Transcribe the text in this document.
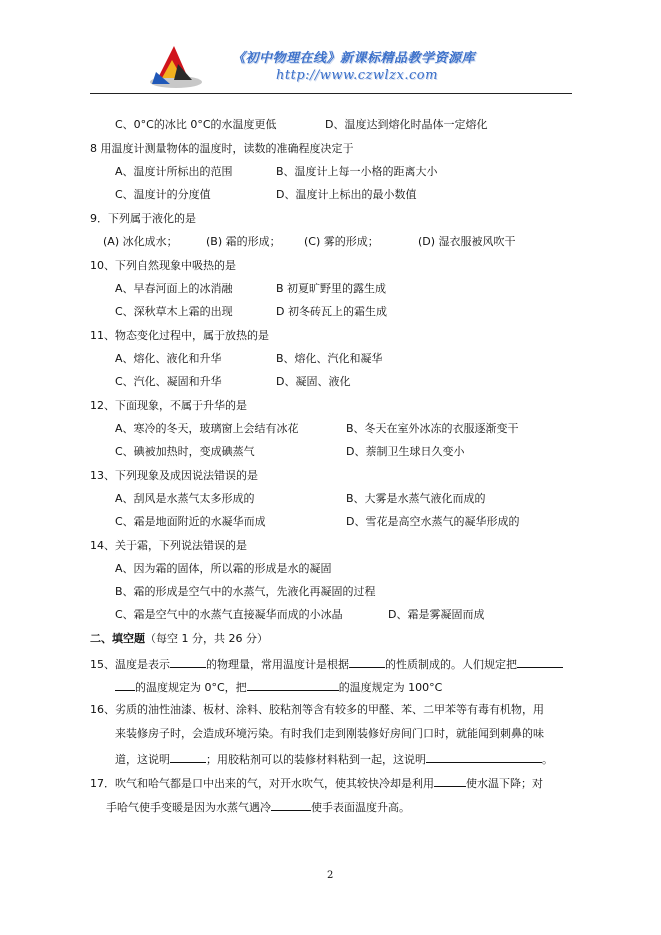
《初中物理在线》新课标精品教学资源库
http://www.czwlzx.com
C、0°C的冰比 0°C的水温度更低	D、温度达到熔化时晶体一定熔化
8 用温度计测量物体的温度时，读数的准确程度决定于
A、温度计所标出的范围	B、温度计上每一小格的距离大小
C、温度计的分度值	D、温度计上标出的最小数值
9．下列属于液化的是
(A) 冰化成水；	(B) 霜的形成； (C) 雾的形成；	(D) 湿衣服被风吹干
10、下列自然现象中吸热的是
A、早春河面上的冰消融	B 初夏旷野里的露生成
C、深秋草木上霜的出现	D 初冬砖瓦上的霜生成
11、物态变化过程中，属于放热的是
A、熔化、液化和升华	B、熔化、汽化和凝华
C、汽化、凝固和升华	D、凝固、液化
12、下面现象，不属于升华的是
A、寒冷的冬天，玻璃窗上会结有冰花	B、冬天在室外冰冻的衣服逐渐变干
C、碘被加热时，变成碘蒸气	D、萘制卫生球日久变小
13、下列现象及成因说法错误的是
A、刮风是水蒸气太多形成的	B、大雾是水蒸气液化而成的
C、霜是地面附近的水凝华而成	D、雪花是高空水蒸气的凝华形成的
14、关于霜，下列说法错误的是
A、因为霜的固体，所以霜的形成是水的凝固
B、霜的形成是空气中的水蒸气，先液化再凝固的过程
C、霜是空气中的水蒸气直接凝华而成的小冰晶	D、霜是雾凝固而成
二、填空题（每空 1 分，共 26 分）
15、温度是表示	的物理量，常用温度计是根据	的性质制成的。人们规定把
的温度规定为 0°C，把	的温度规定为 100°C
16、劣质的油性油漆、板材、涂料、胶粘剂等含有较多的甲醛、苯、二甲苯等有毒有机物，用
来装修房子时，会造成环境污染。有时我们走到刚装修好房间门口时，就能闻到刺鼻的味
道，这说明	；用胶粘剂可以的装修材料粘到一起，这说明	。
17．吹气和哈气都是口中出来的气，对开水吹气，使其较快冷却是利用	使水温下降；对
手哈气使手变暖是因为水蒸气遇冷	使手表面温度升高。
2
